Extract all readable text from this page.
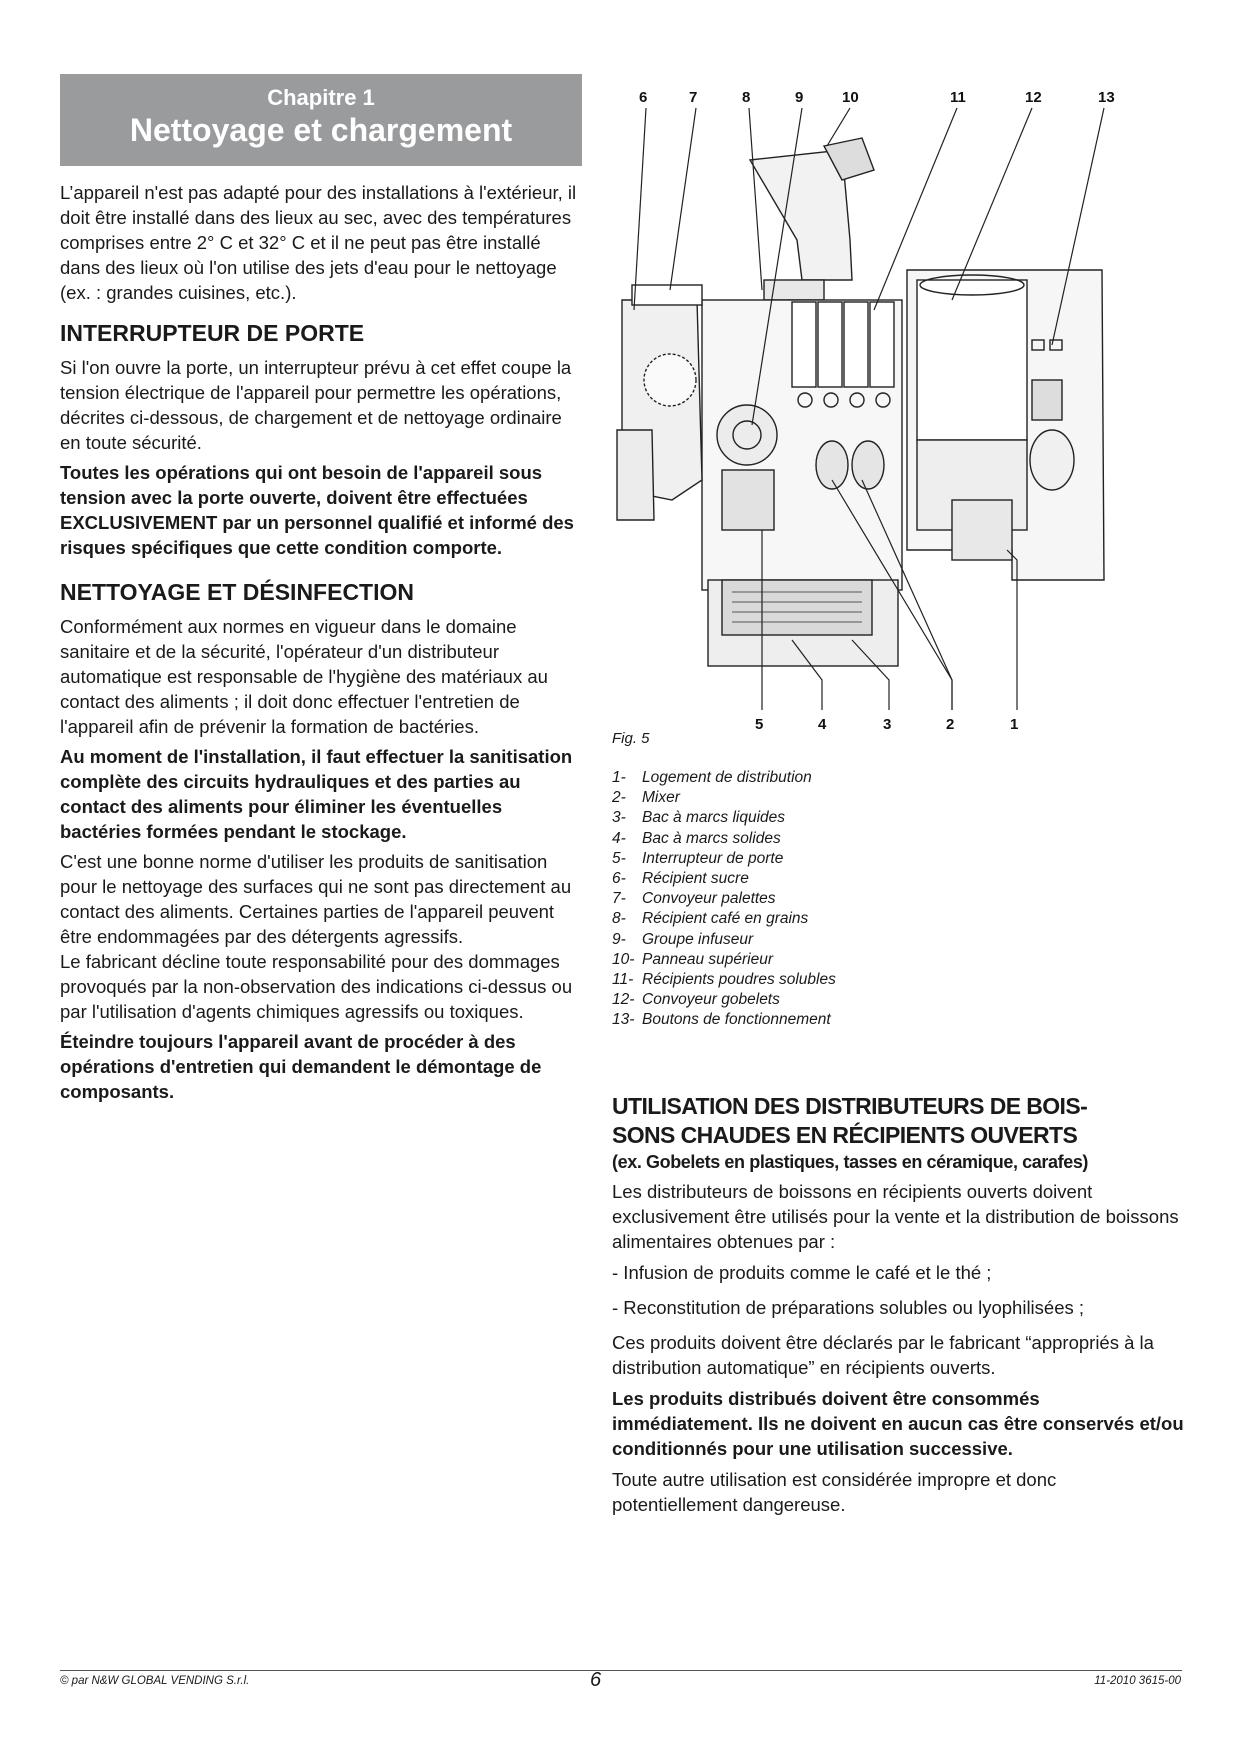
Chapitre 1
Nettoyage et chargement

L’appareil n'est pas adapté pour des installations à l'extérieur, il doit être installé dans des lieux au sec, avec des températures comprises entre 2° C et 32° C et il ne peut pas être installé dans des lieux où l'on utilise des jets d'eau pour le nettoyage (ex. : grandes cuisines, etc.).

INTERRUPTEUR DE PORTE

Si l'on ouvre la porte, un interrupteur prévu à cet effet coupe la tension électrique de l'appareil pour permettre les opérations, décrites ci-dessous, de chargement et de nettoyage ordinaire en toute sécurité.

Toutes les opérations qui ont besoin de l'appareil sous tension avec la porte ouverte, doivent être effectuées EXCLUSIVEMENT par un personnel qualifié et informé des risques spécifiques que cette condition comporte.

NETTOYAGE ET DÉSINFECTION

Conformément aux normes en vigueur dans le domaine sanitaire et de la sécurité, l'opérateur d'un distributeur automatique est responsable de l'hygiène des matériaux au contact des aliments ; il doit donc effectuer l'entretien de l'appareil afin de prévenir la formation de bactéries.

Au moment de l'installation, il faut effectuer la sanitisation complète des circuits hydrauliques et des parties au contact des aliments pour éliminer les éventuelles bactéries formées pendant le stockage.

C'est une bonne norme d'utiliser les produits de sanitisation pour le nettoyage des surfaces qui ne sont pas directement au contact des aliments. Certaines parties de l'appareil peuvent être endommagées par des détergents agressifs.

Le fabricant décline toute responsabilité pour des dommages provoqués par la non-observation des indications ci-dessus ou par l'utilisation d'agents chimiques agressifs ou toxiques.

Éteindre toujours l'appareil avant de procéder à des opérations d'entretien qui demandent le démontage de composants.

6	7	8	9	10	11	12	13
5	4	3	2	1
Fig. 5
1- Logement de distribution
2- Mixer
3- Bac à marcs liquides
4- Bac à marcs solides
5- Interrupteur de porte
6- Récipient sucre
7- Convoyeur palettes
8- Récipient café en grains
9- Groupe infuseur
10- Panneau supérieur
11- Récipients poudres solubles
12- Convoyeur gobelets
13- Boutons de fonctionnement
UTILISATION DES DISTRIBUTEURS DE BOIS-
SONS CHAUDES EN RÉCIPIENTS OUVERTS
(ex. Gobelets en plastiques, tasses en céramique, carafes)

Les distributeurs de boissons en récipients ouverts doivent exclusivement être utilisés pour la vente et la distribution de boissons alimentaires obtenues par :

- Infusion de produits comme le café et le thé ;

- Reconstitution de préparations solubles ou lyophilisées ;

Ces produits doivent être déclarés par le fabricant “appropriés à la distribution automatique” en récipients ouverts.

Les produits distribués doivent être consommés immédiatement. Ils ne doivent en aucun cas être conservés et/ou conditionnés pour une utilisation successive.

Toute autre utilisation est considérée impropre et donc potentiellement dangereuse.

© par N&W GLOBAL VENDING S.r.l.	6	11-2010 3615-00
